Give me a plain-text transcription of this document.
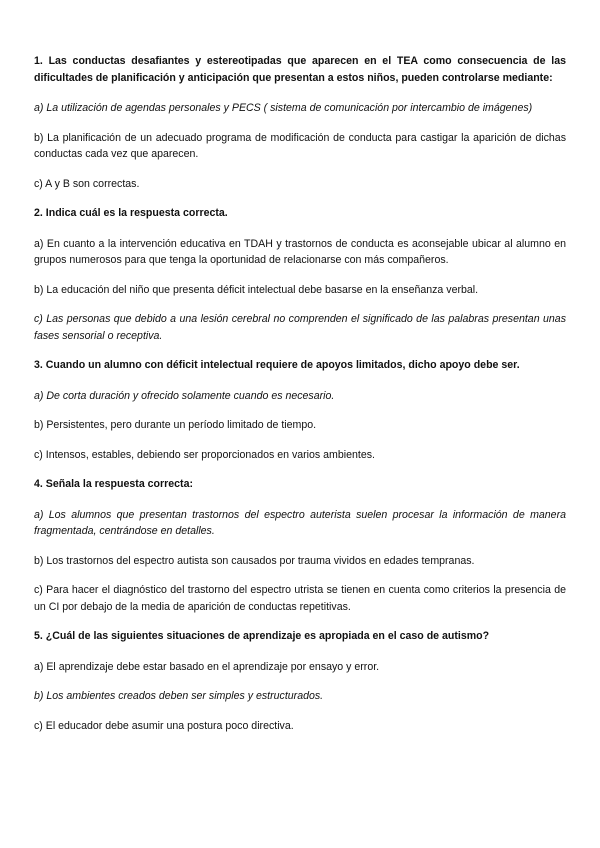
1. Las conductas desafiantes y estereotipadas que aparecen en el TEA como consecuencia de las dificultades de planificación y anticipación que presentan a estos niños, pueden controlarse mediante:

a) La utilización de agendas personales y PECS ( sistema de comunicación por intercambio de imágenes)

b) La planificación de un adecuado programa de modificación de conducta para castigar la aparición de dichas conductas cada vez que aparecen.

c) A y B son correctas.

2. Indica cuál es la respuesta correcta.

a) En cuanto a la intervención educativa en TDAH y trastornos de conducta es aconsejable ubicar al alumno en grupos numerosos para que tenga la oportunidad de relacionarse con más compañeros.

b) La educación del niño que presenta déficit intelectual debe basarse en la enseñanza verbal.

c) Las personas que debido a una lesión cerebral no comprenden el significado de las palabras presentan unas fases sensorial o receptiva.

3. Cuando un alumno con déficit intelectual requiere de apoyos limitados, dicho apoyo debe ser.

a) De corta duración y ofrecido solamente cuando es necesario.

b) Persistentes, pero durante un período limitado de tiempo.

c) Intensos, estables, debiendo ser proporcionados en varios ambientes.

4. Señala la respuesta correcta:

a) Los alumnos que presentan trastornos del espectro auterista suelen procesar la información de manera fragmentada, centrándose en detalles.

b) Los trastornos del espectro autista son causados por trauma vividos en edades tempranas.

c) Para hacer el diagnóstico del trastorno del espectro utrista se tienen en cuenta como criterios la presencia de un CI por debajo de la media de aparición de conductas repetitivas.

5. ¿Cuál de las siguientes situaciones de aprendizaje es apropiada en el caso de autismo?

a) El aprendizaje debe estar basado en el aprendizaje por ensayo y error.

b) Los ambientes creados deben ser simples y estructurados.

c) El educador debe asumir una postura poco directiva.
